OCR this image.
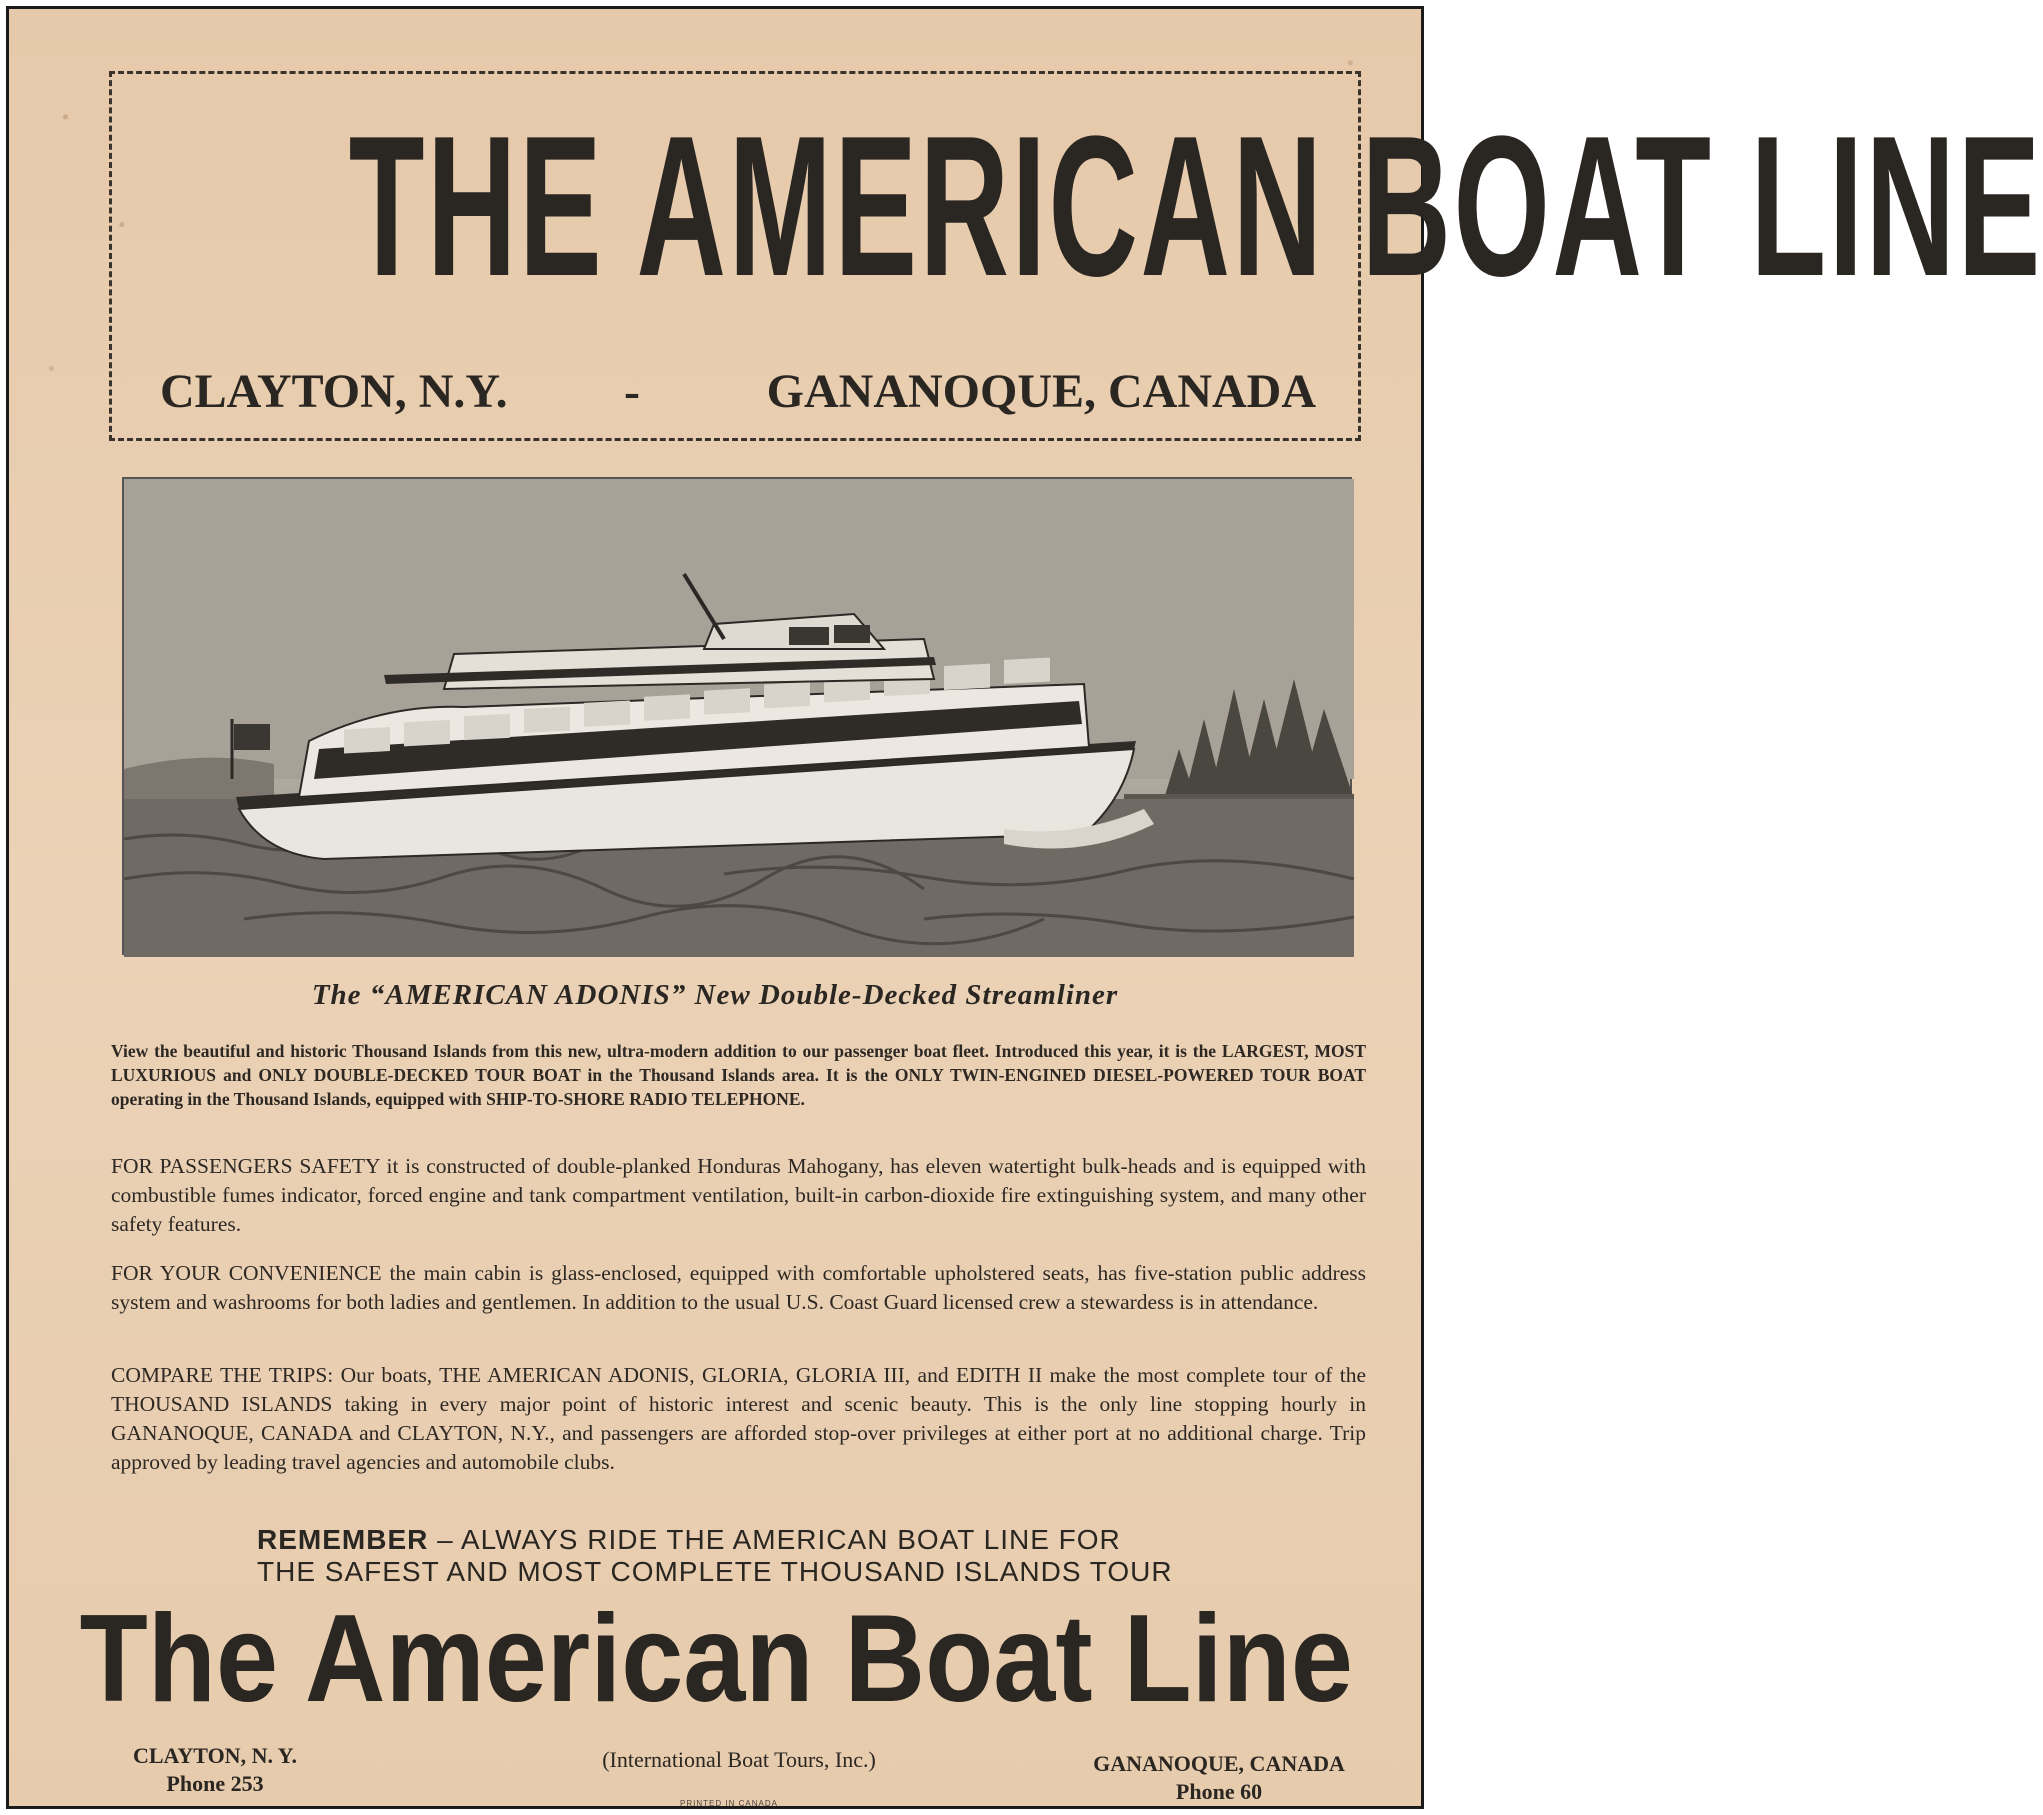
THE AMERICAN BOAT LINE
CLAYTON, N.Y. -	GANANOQUE, CANADA
The “AMERICAN ADONIS” New Double-Decked Streamliner

View the beautiful and historic Thousand Islands from this new, ultra-modern addition to our passenger boat fleet. Introduced this year, it is the LARGEST, MOST LUXURIOUS and ONLY DOUBLE-DECKED TOUR BOAT in the Thousand Islands area. It is the ONLY TWIN-ENGINED DIESEL-POWERED TOUR BOAT operating in the Thousand Islands, equipped with SHIP-TO-SHORE RADIO TELEPHONE.

FOR PASSENGERS SAFETY it is constructed of double-planked Honduras Mahogany, has eleven watertight bulk-heads and is equipped with combustible fumes indicator, forced engine and tank compartment ventilation, built-in carbon-dioxide fire extinguishing system, and many other safety features.

FOR YOUR CONVENIENCE the main cabin is glass-enclosed, equipped with comfortable upholstered seats, has five-station public address system and washrooms for both ladies and gentlemen. In addition to the usual U.S. Coast Guard licensed crew a stewardess is in attendance.

COMPARE THE TRIPS: Our boats, THE AMERICAN ADONIS, GLORIA, GLORIA III, and EDITH II make the most complete tour of the THOUSAND ISLANDS taking in every major point of historic interest and scenic beauty. This is the only line stopping hourly in GANANOQUE, CANADA and CLAYTON, N.Y., and passengers are afforded stop-over privileges at either port at no additional charge. Trip approved by leading travel agencies and automobile clubs.

REMEMBER – ALWAYS RIDE THE AMERICAN BOAT LINE FOR
THE SAFEST AND MOST COMPLETE THOUSAND ISLANDS TOUR
The American Boat Line
CLAYTON, N. Y.
Phone 253
(International Boat Tours, Inc.)	GANANOQUE, CANADA
Phone 60
PRINTED IN CANADA
